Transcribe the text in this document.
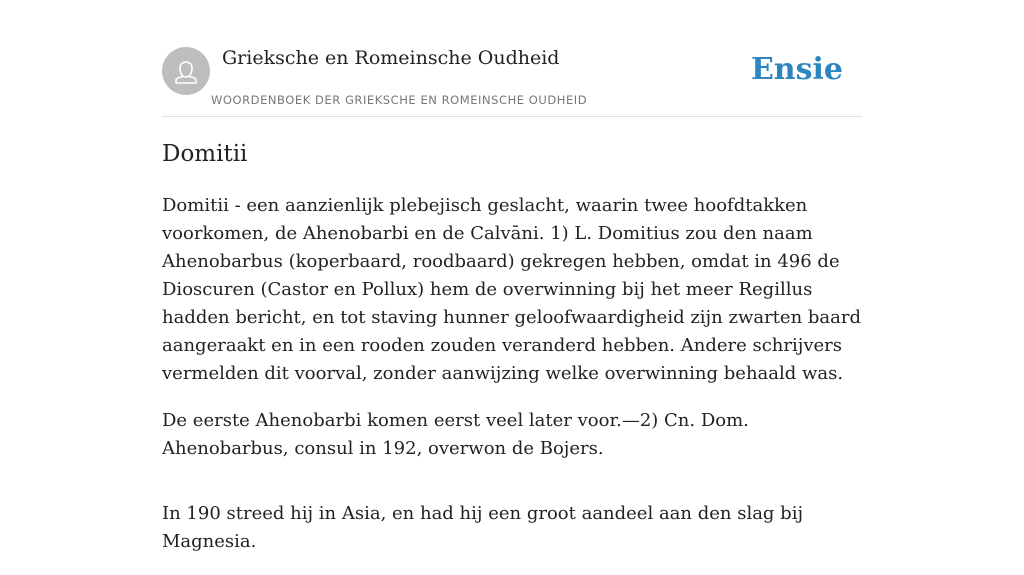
Grieksche en Romeinsche Oudheid
WOORDENBOEK DER GRIEKSCHE EN ROMEINSCHE OUDHEID
Ensie
Domitii

Domitii - een aanzienlijk plebejisch geslacht, waarin twee hoofdtakken voorkomen, de Ahenobarbi en de Calvāni. 1) L. Domitius zou den naam Ahenobarbus (koperbaard, roodbaard) gekregen hebben, omdat in 496 de Dioscuren (Castor en Pollux) hem de overwinning bij het meer Regillus hadden bericht, en tot staving hunner geloofwaardigheid zijn zwarten baard aangeraakt en in een rooden zouden veranderd hebben. Andere schrijvers vermelden dit voorval, zonder aanwijzing welke overwinning behaald was.

De eerste Ahenobarbi komen eerst veel later voor.—2) Cn. Dom. Ahenobarbus, consul in 192, overwon de Bojers.

In 190 streed hij in Asia, en had hij een groot aandeel aan den slag bij Magnesia.
